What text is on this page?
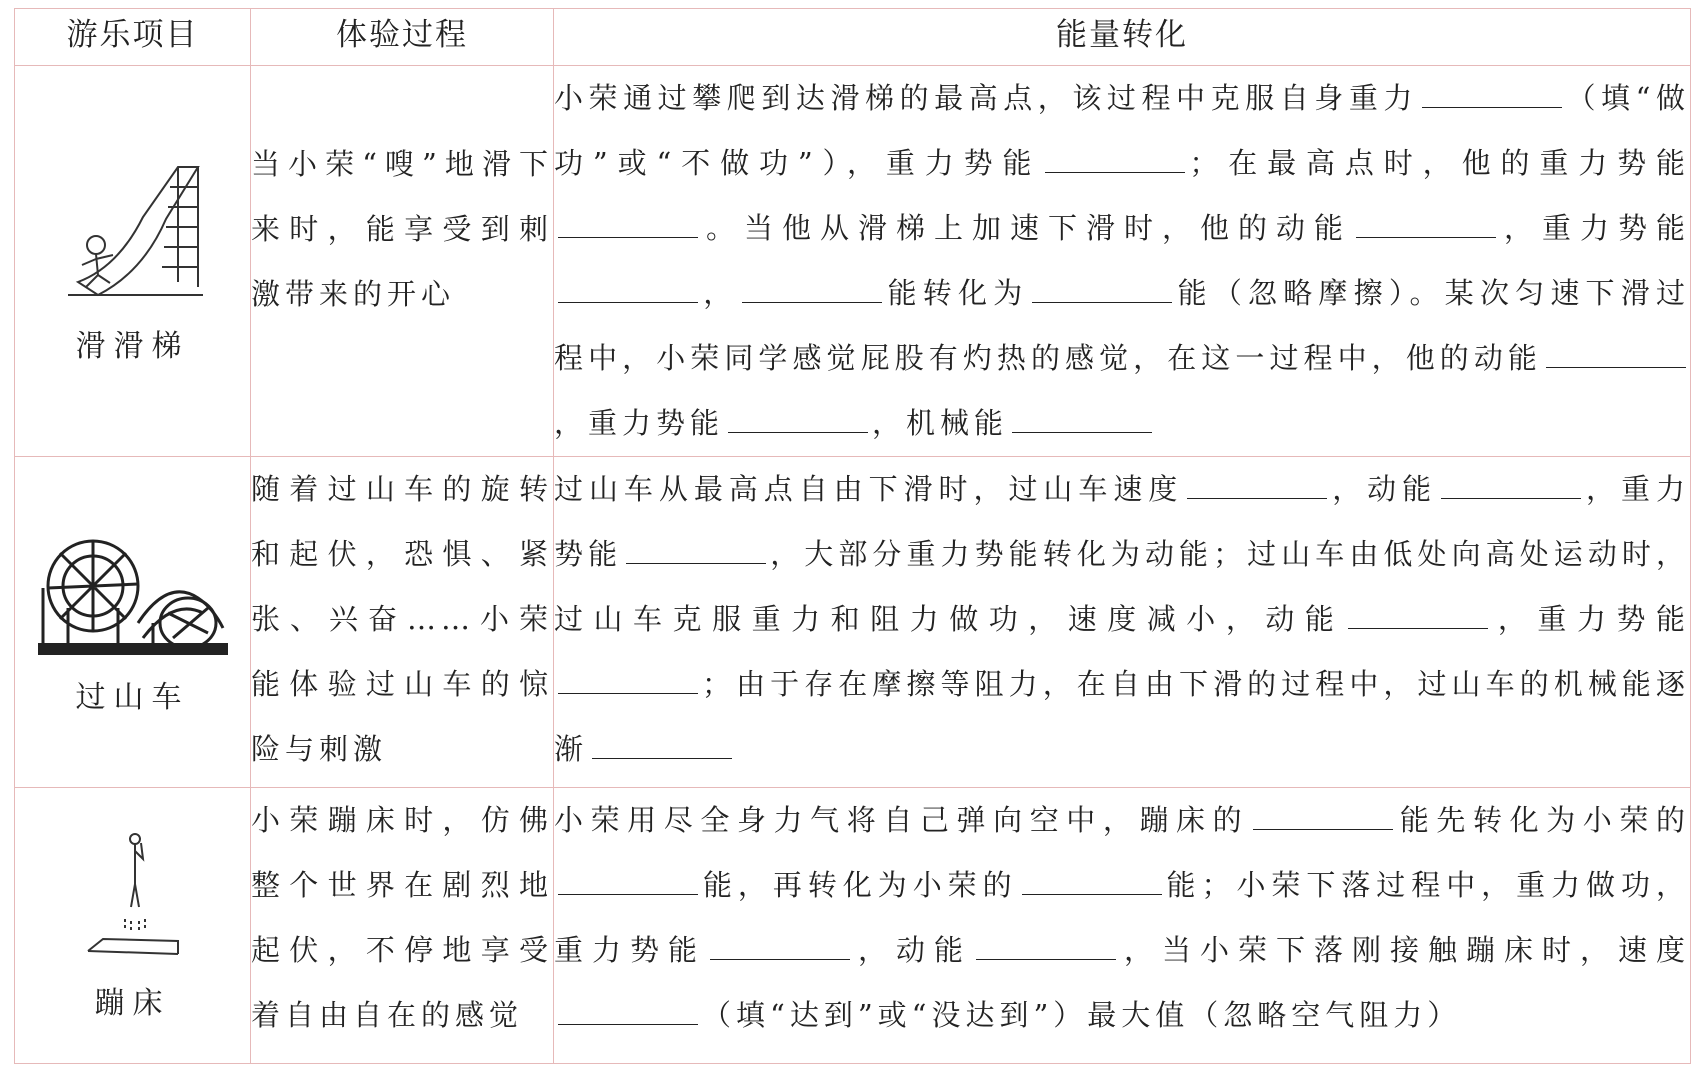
游乐项目	体验过程	能量转化

滑滑梯	当小荣“嗖”地滑下来时，能享受到刺激带来的开心	小荣通过攀爬到达滑梯的最高点，该过程中克服自身重力 （填“做功”或“不做功”），重力势能 ；在最高点时，他的重力势能。当他从滑梯上加速下滑时，他的动能 ，重力势能， 能转化为 能（忽略摩擦）。某次匀速下滑过程中，小荣同学感觉屁股有灼热的感觉，在这一过程中，他的动能，重力势能 ，机械能

过山车	随着过山车的旋转和起伏，恐惧、紧张、兴奋……小荣能体验过山车的惊险与刺激	过山车从最高点自由下滑时，过山车速度 ，动能 ，重力势能 ，大部分重力势能转化为动能；过山车由低处向高处运动时，过山车克服重力和阻力做功，速度减小，动能 ，重力势能；由于存在摩擦等阻力，在自由下滑的过程中，过山车的机械能逐渐

蹦床	小荣蹦床时，仿佛整个世界在剧烈地起伏，不停地享受着自由自在的感觉	小荣用尽全身力气将自己弹向空中，蹦床的 能先转化为小荣的能，再转化为小荣的 能；小荣下落过程中，重力做功，重力势能 ，动能 ，当小荣下落刚接触蹦床时，速度（填“达到”或“没达到”）最大值（忽略空气阻力）
